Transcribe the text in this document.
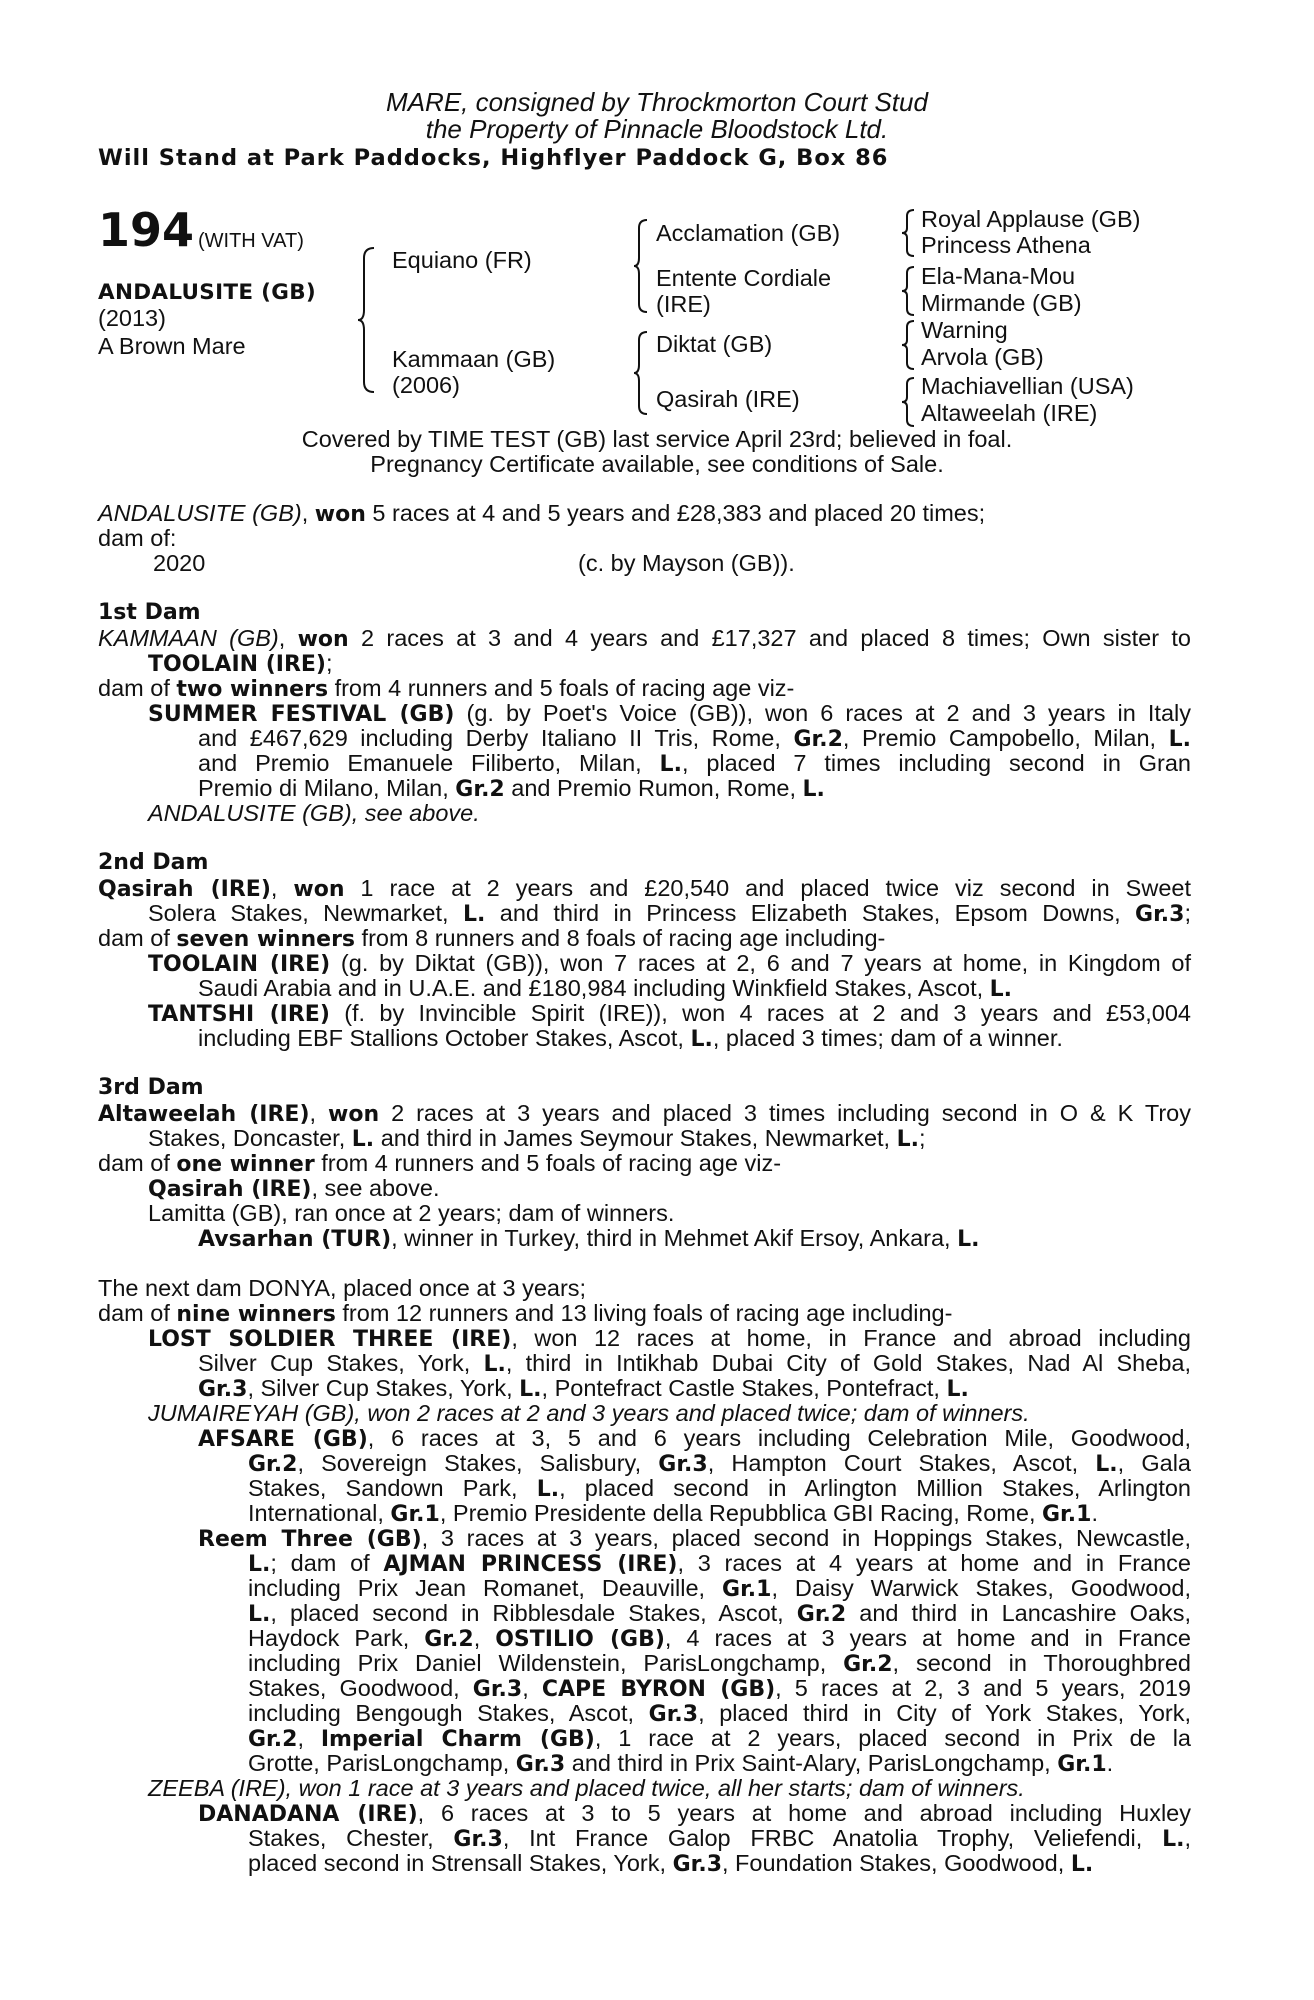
MARE, consigned by Throckmorton Court Stud
the Property of Pinnacle Bloodstock Ltd.
Will Stand at Park Paddocks, Highflyer Paddock G, Box 86
194 (WITH VAT)
ANDALUSITE (GB)
(2013)
A Brown Mare
Equiano (FR)
Kammaan (GB)
(2006)
Acclamation (GB)
Entente Cordiale
(IRE)
Diktat (GB)
Qasirah (IRE)
Royal Applause (GB)
Princess Athena
Ela-Mana-Mou
Mirmande (GB)
Warning
Arvola (GB)
Machiavellian (USA)
Altaweelah (IRE)
Covered by TIME TEST (GB) last service April 23rd; believed in foal.
Pregnancy Certificate available, see conditions of Sale.
ANDALUSITE (GB), won 5 races at 4 and 5 years and £28,383 and placed 20 times;
dam of:
2020	(c. by Mayson (GB)).
1st Dam
KAMMAAN (GB), won 2 races at 3 and 4 years and £17,327 and placed 8 times; Own sister to
TOOLAIN (IRE);
dam of two winners from 4 runners and 5 foals of racing age viz-
SUMMER FESTIVAL (GB) (g. by Poet's Voice (GB)), won 6 races at 2 and 3 years in Italy
and £467,629 including Derby Italiano II Tris, Rome, Gr.2, Premio Campobello, Milan, L.
and Premio Emanuele Filiberto, Milan, L., placed 7 times including second in Gran
Premio di Milano, Milan, Gr.2 and Premio Rumon, Rome, L.
ANDALUSITE (GB), see above.
2nd Dam
Qasirah (IRE), won 1 race at 2 years and £20,540 and placed twice viz second in Sweet
Solera Stakes, Newmarket, L. and third in Princess Elizabeth Stakes, Epsom Downs, Gr.3;
dam of seven winners from 8 runners and 8 foals of racing age including-
TOOLAIN (IRE) (g. by Diktat (GB)), won 7 races at 2, 6 and 7 years at home, in Kingdom of
Saudi Arabia and in U.A.E. and £180,984 including Winkfield Stakes, Ascot, L.
TANTSHI (IRE) (f. by Invincible Spirit (IRE)), won 4 races at 2 and 3 years and £53,004
including EBF Stallions October Stakes, Ascot, L., placed 3 times; dam of a winner.
3rd Dam
Altaweelah (IRE), won 2 races at 3 years and placed 3 times including second in O & K Troy
Stakes, Doncaster, L. and third in James Seymour Stakes, Newmarket, L.;
dam of one winner from 4 runners and 5 foals of racing age viz-
Qasirah (IRE), see above.
Lamitta (GB), ran once at 2 years; dam of winners.
Avsarhan (TUR), winner in Turkey, third in Mehmet Akif Ersoy, Ankara, L.
The next dam DONYA, placed once at 3 years;
dam of nine winners from 12 runners and 13 living foals of racing age including-
LOST SOLDIER THREE (IRE), won 12 races at home, in France and abroad including
Silver Cup Stakes, York, L., third in Intikhab Dubai City of Gold Stakes, Nad Al Sheba,
Gr.3, Silver Cup Stakes, York, L., Pontefract Castle Stakes, Pontefract, L.
JUMAIREYAH (GB), won 2 races at 2 and 3 years and placed twice; dam of winners.
AFSARE (GB), 6 races at 3, 5 and 6 years including Celebration Mile, Goodwood,
Gr.2, Sovereign Stakes, Salisbury, Gr.3, Hampton Court Stakes, Ascot, L., Gala
Stakes, Sandown Park, L., placed second in Arlington Million Stakes, Arlington
International, Gr.1, Premio Presidente della Repubblica GBI Racing, Rome, Gr.1.
Reem Three (GB), 3 races at 3 years, placed second in Hoppings Stakes, Newcastle,
L.; dam of AJMAN PRINCESS (IRE), 3 races at 4 years at home and in France
including Prix Jean Romanet, Deauville, Gr.1, Daisy Warwick Stakes, Goodwood,
L., placed second in Ribblesdale Stakes, Ascot, Gr.2 and third in Lancashire Oaks,
Haydock Park, Gr.2, OSTILIO (GB), 4 races at 3 years at home and in France
including Prix Daniel Wildenstein, ParisLongchamp, Gr.2, second in Thoroughbred
Stakes, Goodwood, Gr.3, CAPE BYRON (GB), 5 races at 2, 3 and 5 years, 2019
including Bengough Stakes, Ascot, Gr.3, placed third in City of York Stakes, York,
Gr.2, Imperial Charm (GB), 1 race at 2 years, placed second in Prix de la
Grotte, ParisLongchamp, Gr.3 and third in Prix Saint-Alary, ParisLongchamp, Gr.1.
ZEEBA (IRE), won 1 race at 3 years and placed twice, all her starts; dam of winners.
DANADANA (IRE), 6 races at 3 to 5 years at home and abroad including Huxley
Stakes, Chester, Gr.3, Int France Galop FRBC Anatolia Trophy, Veliefendi, L.,
placed second in Strensall Stakes, York, Gr.3, Foundation Stakes, Goodwood, L.
